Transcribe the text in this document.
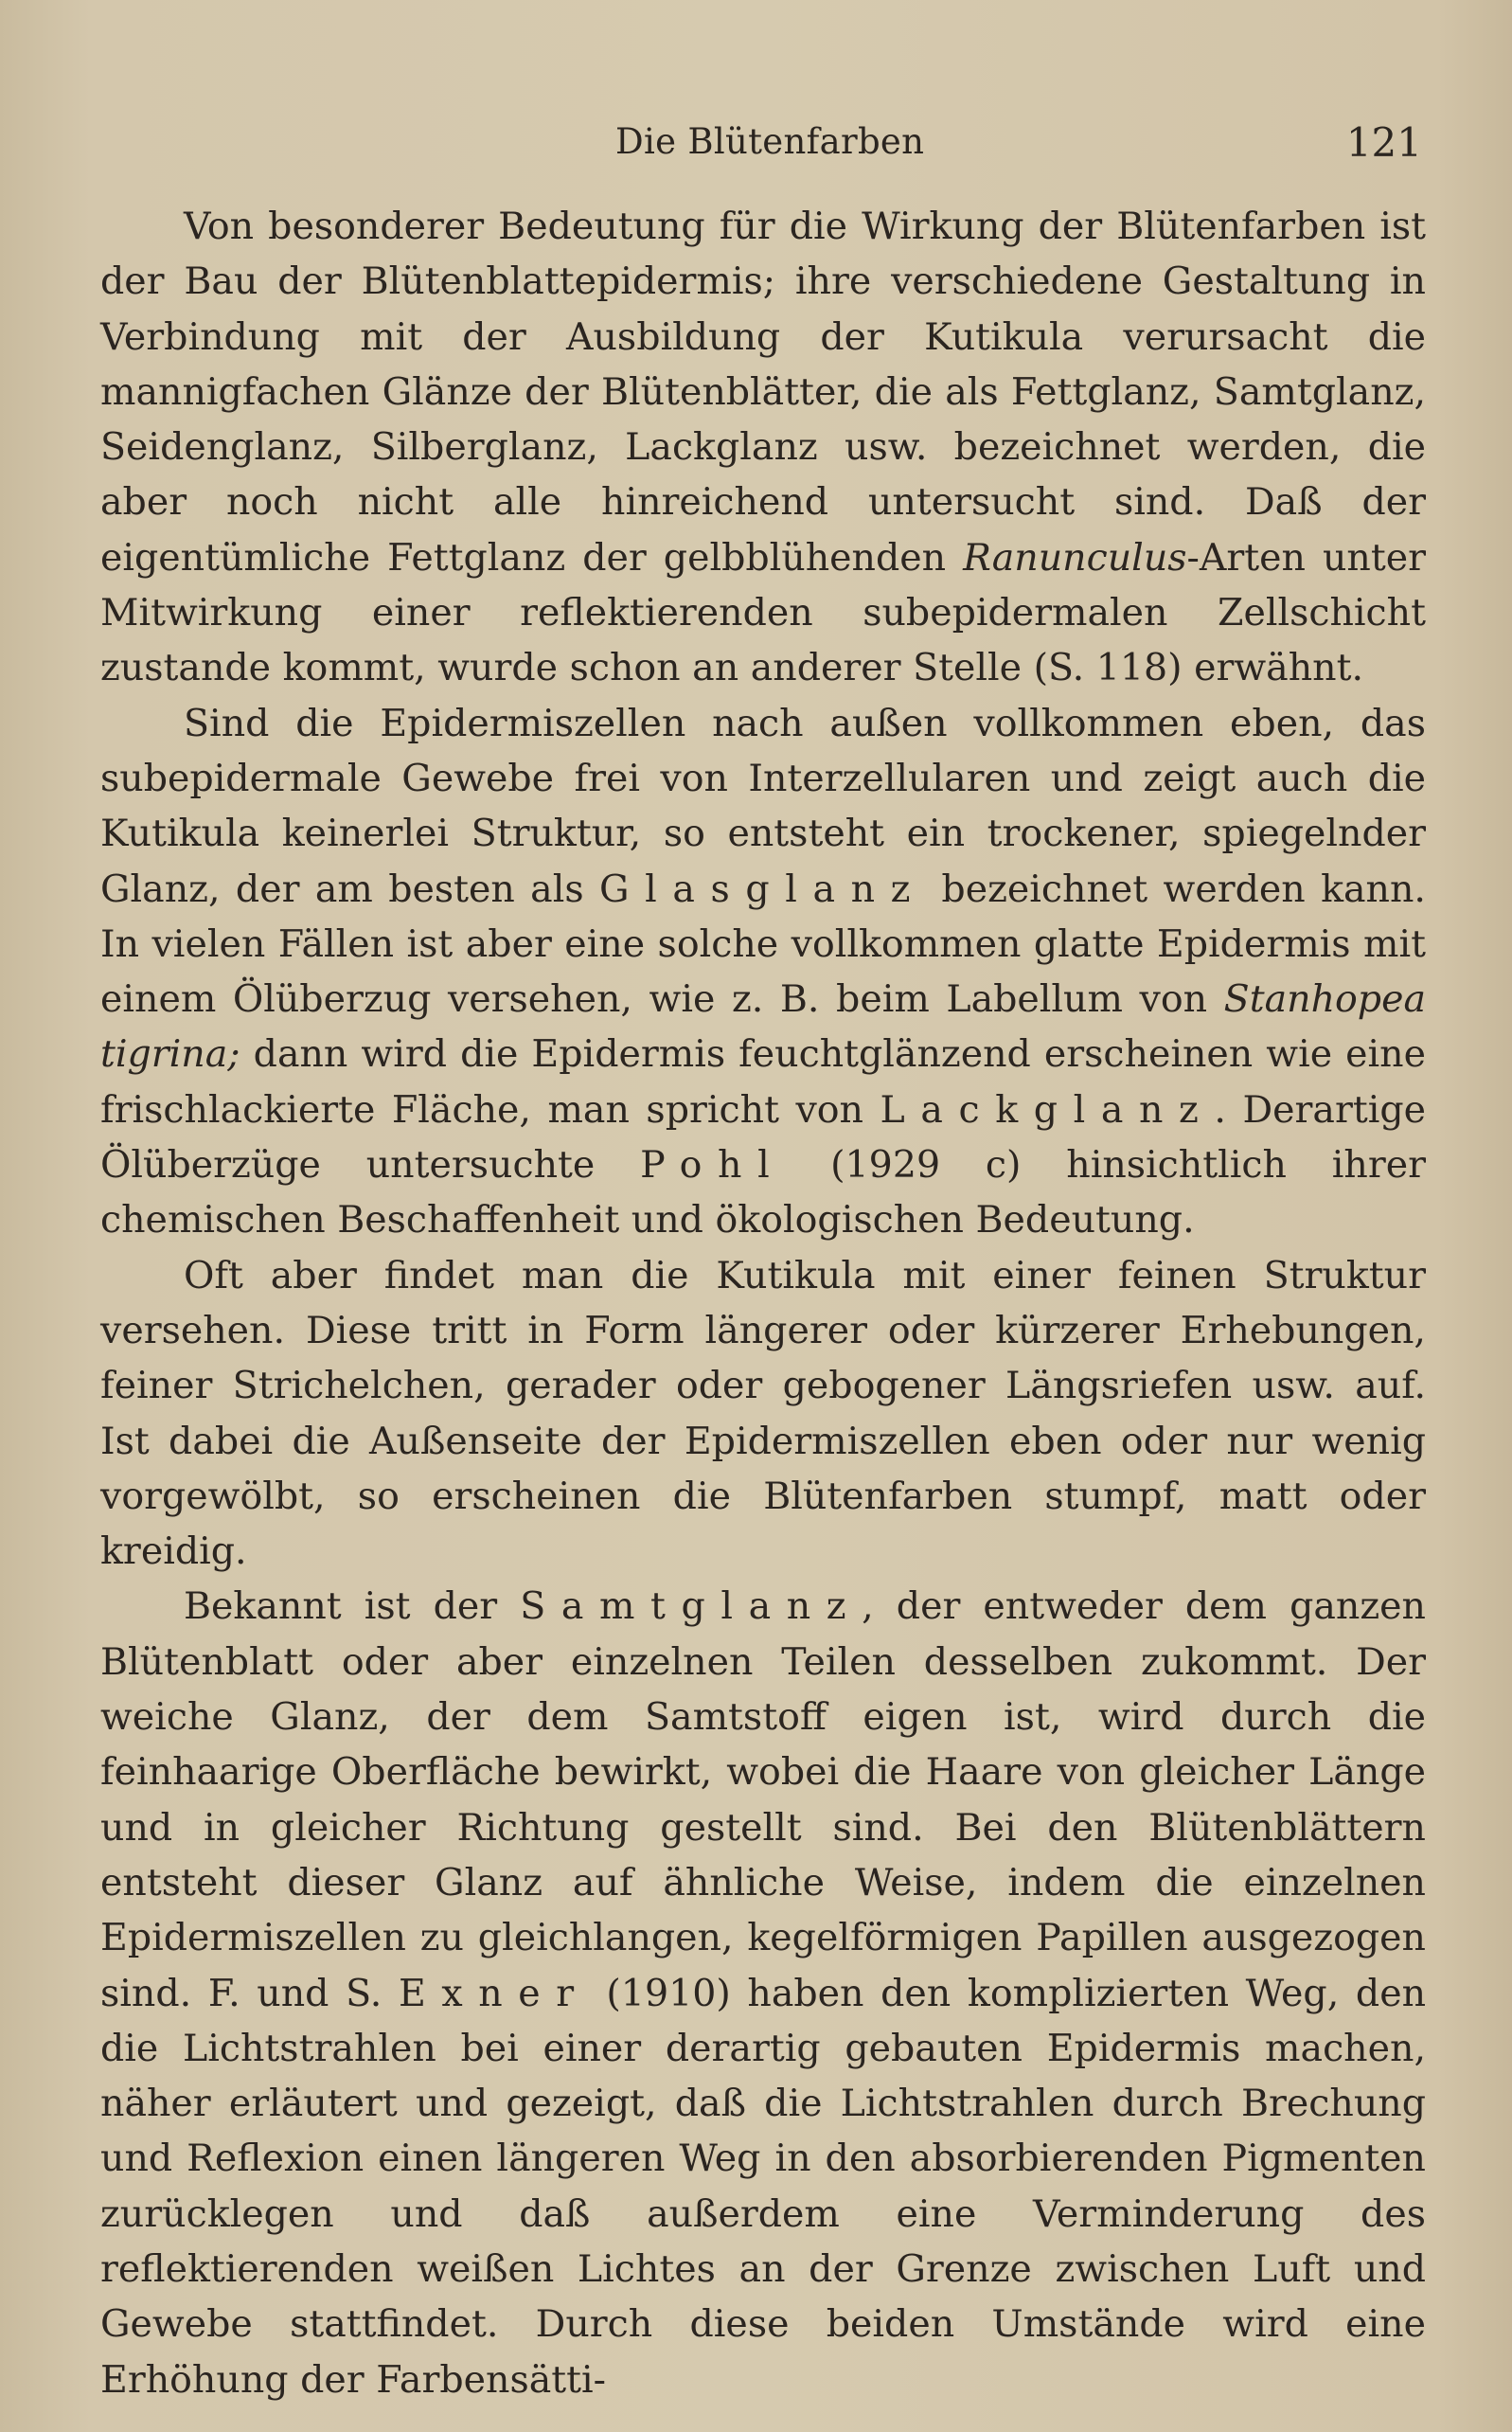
Die Blütenfarben	121

Von besonderer Bedeutung für die Wirkung der Blütenfarben ist der Bau der Blütenblattepidermis; ihre verschiedene Gestaltung in Verbindung mit der Ausbildung der Kutikula verursacht die mannigfachen Glänze der Blütenblätter, die als Fettglanz, Samtglanz, Seidenglanz, Silberglanz, Lackglanz usw. bezeichnet werden, die aber noch nicht alle hinreichend untersucht sind. Daß der eigentümliche Fettglanz der gelbblühenden Ranunculus-Arten unter Mitwirkung einer reflektierenden subepidermalen Zellschicht zustande kommt, wurde schon an anderer Stelle (S. 118) erwähnt.

Sind die Epidermiszellen nach außen vollkommen eben, das subepidermale Gewebe frei von Interzellularen und zeigt auch die Kutikula keinerlei Struktur, so entsteht ein trockener, spiegelnder Glanz, der am besten als Glasglanz bezeichnet werden kann. In vielen Fällen ist aber eine solche vollkommen glatte Epidermis mit einem Ölüberzug versehen, wie z. B. beim Labellum von Stanhopea tigrina; dann wird die Epidermis feuchtglänzend erscheinen wie eine frischlackierte Fläche, man spricht von Lackglanz. Derartige Ölüberzüge untersuchte Pohl (1929 c) hinsichtlich ihrer chemischen Beschaffenheit und ökologischen Bedeutung.

Oft aber findet man die Kutikula mit einer feinen Struktur versehen. Diese tritt in Form längerer oder kürzerer Erhebungen, feiner Strichelchen, gerader oder gebogener Längsriefen usw. auf. Ist dabei die Außenseite der Epidermiszellen eben oder nur wenig vorgewölbt, so erscheinen die Blütenfarben stumpf, matt oder kreidig.

Bekannt ist der Samtglanz, der entweder dem ganzen Blütenblatt oder aber einzelnen Teilen desselben zukommt. Der weiche Glanz, der dem Samtstoff eigen ist, wird durch die feinhaarige Oberfläche bewirkt, wobei die Haare von gleicher Länge und in gleicher Richtung gestellt sind. Bei den Blütenblättern entsteht dieser Glanz auf ähnliche Weise, indem die einzelnen Epidermiszellen zu gleichlangen, kegelförmigen Papillen ausgezogen sind. F. und S. Exner (1910) haben den komplizierten Weg, den die Lichtstrahlen bei einer derartig gebauten Epidermis machen, näher erläutert und gezeigt, daß die Lichtstrahlen durch Brechung und Reflexion einen längeren Weg in den absorbierenden Pigmenten zurücklegen und daß außerdem eine Verminderung des reflektierenden weißen Lichtes an der Grenze zwischen Luft und Gewebe stattfindet. Durch diese beiden Umstände wird eine Erhöhung der Farbensätti-
